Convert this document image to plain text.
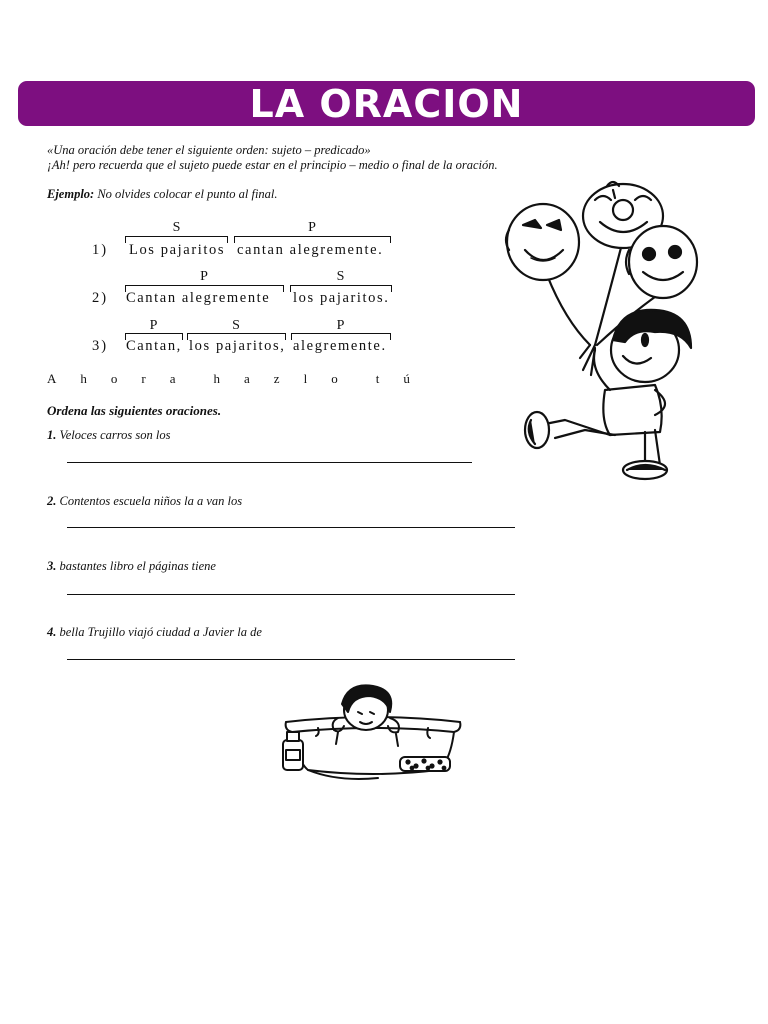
LA ORACION
«Una oración debe tener el siguiente orden: sujeto – predicado»
¡Ah! pero recuerda que el sujeto puede estar en el principio – medio o final de la oración.
Ejemplo: No olvides colocar el punto al final.
1)
S	P
Los pajaritos cantan alegremente.
2)
P	S
Cantan alegremente los pajaritos.
3)
P	S	P
Cantan, los pajaritos, alegremente.
A h o r a	h a z l o	t ú
Ordena las siguientes oraciones.
1. Veloces carros son los
2. Contentos escuela niños la a van los
3. bastantes libro el páginas tiene
4. bella Trujillo viajó ciudad a Javier la de
